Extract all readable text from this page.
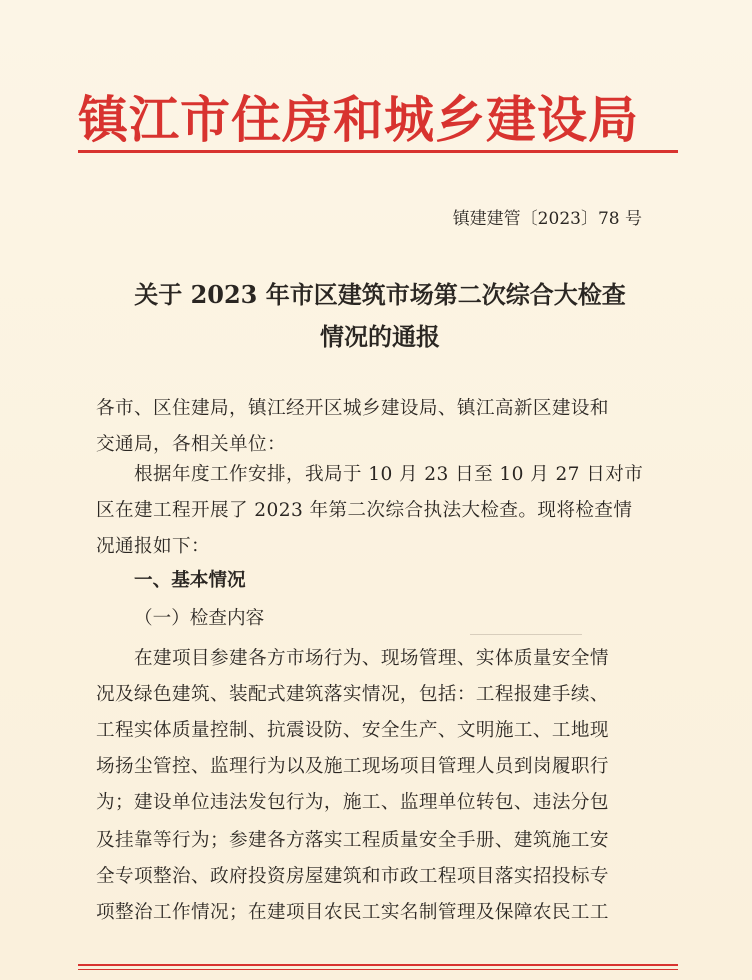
镇江市住房和城乡建设局
镇建建管〔2023〕78 号
关于 2023 年市区建筑市场第二次综合大检查
情况的通报
各市、区住建局，镇江经开区城乡建设局、镇江高新区建设和
交通局，各相关单位：
根据年度工作安排，我局于 10 月 23 日至 10 月 27 日对市
区在建工程开展了 2023 年第二次综合执法大检查。现将检查情
况通报如下：
一、基本情况
（一）检查内容
在建项目参建各方市场行为、现场管理、实体质量安全情
况及绿色建筑、装配式建筑落实情况，包括：工程报建手续、
工程实体质量控制、抗震设防、安全生产、文明施工、工地现
场扬尘管控、监理行为以及施工现场项目管理人员到岗履职行
为；建设单位违法发包行为，施工、监理单位转包、违法分包
及挂靠等行为；参建各方落实工程质量安全手册、建筑施工安
全专项整治、政府投资房屋建筑和市政工程项目落实招投标专
项整治工作情况；在建项目农民工实名制管理及保障农民工工
